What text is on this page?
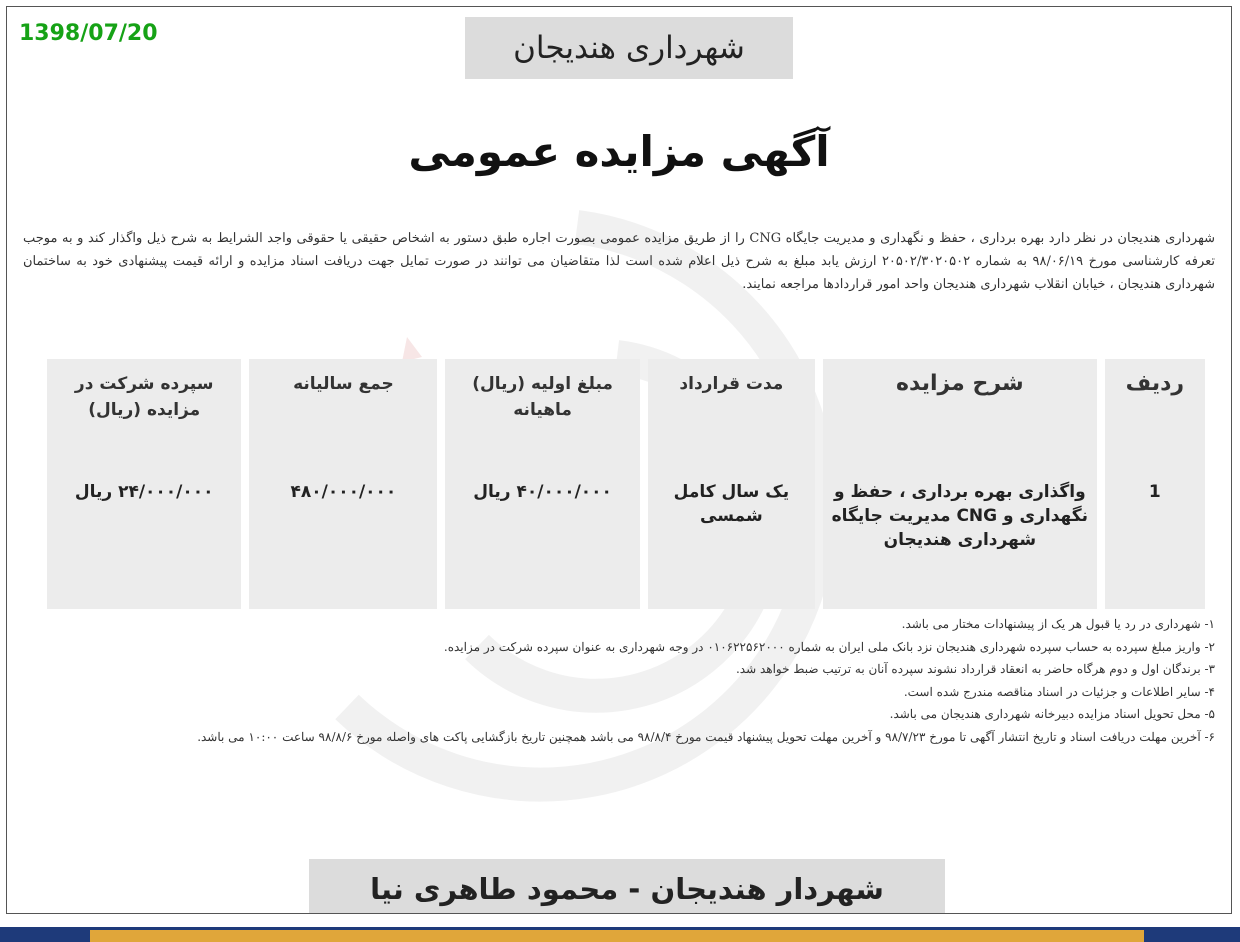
1398/07/20	شهرداری هندیجان
آگهی مزایده عمومی
شهرداری هندیجان در نظر دارد بهره برداری ، حفظ و نگهداری و مدیریت جایگاه CNG را از طریق مزایده عمومی بصورت اجاره طبق دستور به اشخاص حقیقی یا حقوقی واجد الشرایط به شرح ذیل واگذار کند و به موجب تعرفه کارشناسی مورخ ۹۸/۰۶/۱۹ به شماره ۲۰۵۰۲/۳۰۲۰۵۰۲ ارزش یابد مبلغ به شرح ذیل اعلام شده است لذا متقاضیان می توانند در صورت تمایل جهت دریافت اسناد مزایده و ارائه قیمت پیشنهادی خود به ساختمان شهرداری هندیجان ، خیابان انقلاب شهرداری هندیجان واحد امور قراردادها مراجعه نمایند.
ردیف	شرح مزایده	مدت قرارداد	مبلغ اولیه (ریال) ماهیانه	جمع سالیانه	سپرده شرکت در مزایده (ریال)
1	واگذاری بهره برداری ، حفظ و نگهداری و CNG مدیریت جایگاه شهرداری هندیجان	یک سال کامل شمسی	۴۰/۰۰۰/۰۰۰ ریال	۴۸۰/۰۰۰/۰۰۰	۲۴/۰۰۰/۰۰۰ ریال

۱- شهرداری در رد یا قبول هر یک از پیشنهادات مختار می باشد.

۲- واریز مبلغ سپرده به حساب سپرده شهرداری هندیجان نزد بانک ملی ایران به شماره ۰۱۰۶۲۲۵۶۲۰۰۰ در وجه شهرداری به عنوان سپرده شرکت در مزایده.

۳- برندگان اول و دوم هرگاه حاضر به انعقاد قرارداد نشوند سپرده آنان به ترتیب ضبط خواهد شد.

۴- سایر اطلاعات و جزئیات در اسناد مناقصه مندرج شده است.

۵- محل تحویل اسناد مزایده دبیرخانه شهرداری هندیجان می باشد.

۶- آخرین مهلت دریافت اسناد و تاریخ انتشار آگهی تا مورخ ۹۸/۷/۲۳ و آخرین مهلت تحویل پیشنهاد قیمت مورخ ۹۸/۸/۴ می باشد همچنین تاریخ بازگشایی پاکت های واصله مورخ ۹۸/۸/۶ ساعت ۱۰:۰۰ می باشد.

شهردار هندیجان - محمود طاهری نیا
